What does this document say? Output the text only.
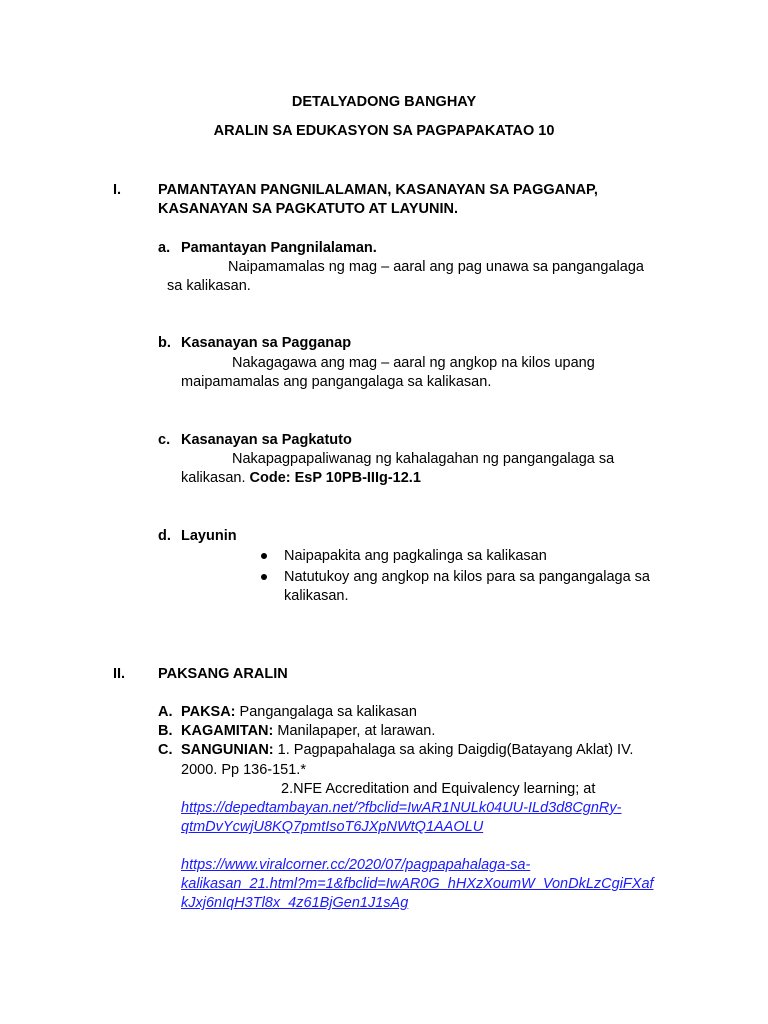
DETALYADONG BANGHAY
ARALIN SA EDUKASYON SA PAGPAPAKATAO 10
I.	PAMANTAYAN PANGNILALAMAN, KASANAYAN SA PAGGANAP,
KASANAYAN SA PAGKATUTO AT LAYUNIN.
a. Pamantayan Pangnilalaman.
Naipamamalas ng mag – aaral ang pag unawa sa pangangalaga
sa kalikasan.
b. Kasanayan sa Pagganap
Nakagagawa ang mag – aaral ng angkop na kilos upang
maipamamalas ang pangangalaga sa kalikasan.
c. Kasanayan sa Pagkatuto
Nakapagpapaliwanag ng kahalagahan ng pangangalaga sa
kalikasan. Code: EsP 10PB-IIIg-12.1
d. Layunin
Naipapakita ang pagkalinga sa kalikasan
Natutukoy ang angkop na kilos para sa pangangalaga sa
kalikasan.
II. PAKSANG ARALIN
A. PAKSA: Pangangalaga sa kalikasan
B. KAGAMITAN: Manilapaper, at larawan.
C. SANGUNIAN: 1. Pagpapahalaga sa aking Daigdig(Batayang Aklat) IV.
2000. Pp 136-151.*
2.NFE Accreditation and Equivalency learning; at
https://depedtambayan.net/?fbclid=IwAR1NULk04UU-ILd3d8CgnRy-
qtmDvYcwjU8KQ7pmtIsoT6JXpNWtQ1AAOLU
https://www.viralcorner.cc/2020/07/pagpapahalaga-sa-
kalikasan_21.html?m=1&fbclid=IwAR0G_hHXzXoumW_VonDkLzCgiFXaf
kJxj6nIqH3Tl8x_4z61BjGen1J1sAg
